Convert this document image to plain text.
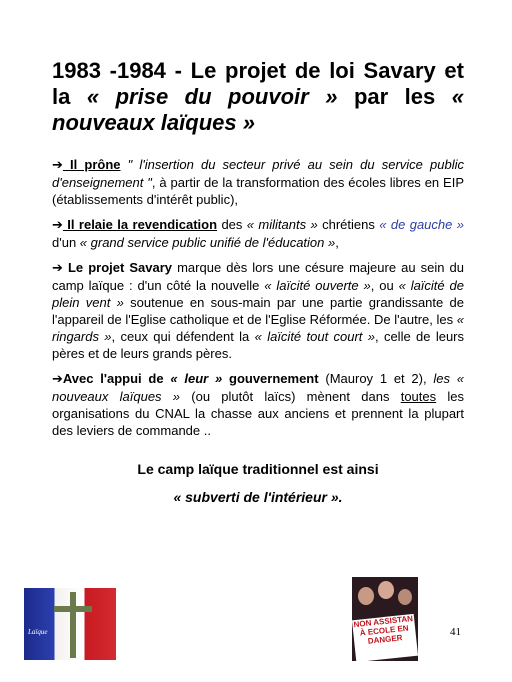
1983 -1984 - Le projet de loi Savary et la « prise du pouvoir » par les « nouveaux laïques »

➔ Il prône " l'insertion du secteur privé au sein du service public d'enseignement ", à partir de la transformation des écoles libres en EIP (établissements d'intérêt public),

➔ Il relaie la revendication des « militants » chrétiens « de gauche » d'un « grand service public unifié de l'éducation »,

➔ Le projet Savary marque dès lors une césure majeure au sein du camp laïque : d'un côté la nouvelle « laïcité ouverte », ou « laïcité de plein vent » soutenue en sous-main par une partie grandissante de l'appareil de l'Eglise catholique et de l'Eglise Réformée. De l'autre, les « ringards », ceux qui défendent la « laïcité tout court », celle de leurs pères et de leurs grands pères.

➔Avec l'appui de « leur » gouvernement (Mauroy 1 et 2), les « nouveaux laïques » (ou plutôt laïcs) mènent dans toutes les organisations du CNAL la chasse aux anciens et prennent la plupart des leviers de commande ..

Le camp laïque traditionnel est ainsi
« subverti de l'intérieur ».
Laïque
NON ASSISTAN À ECOLE EN DANGER
41
